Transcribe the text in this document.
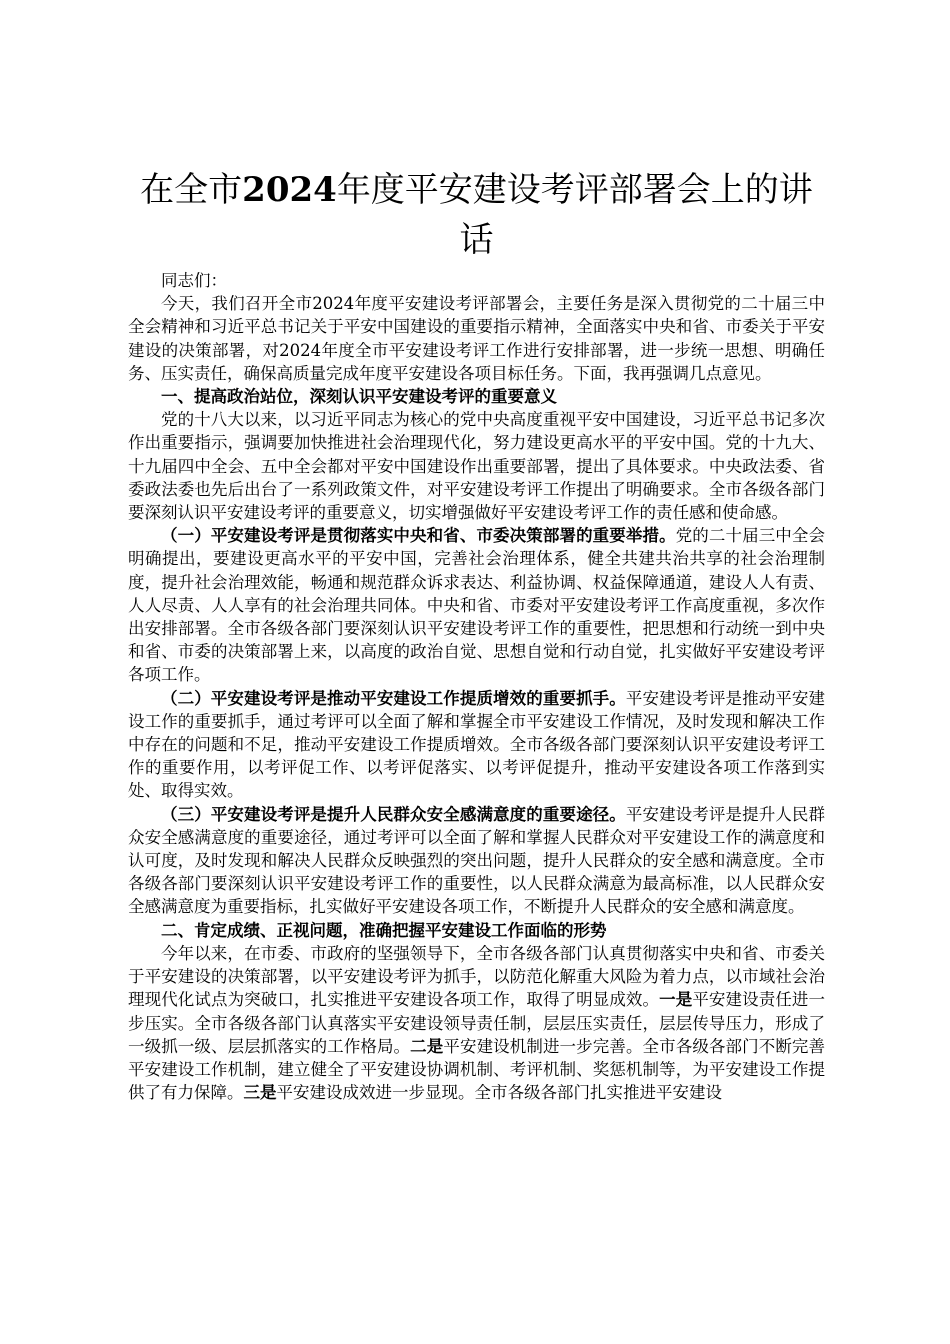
在全市2024年度平安建设考评部署会上的讲话

同志们：

今天，我们召开全市2024年度平安建设考评部署会，主要任务是深入贯彻党的二十届三中全会精神和习近平总书记关于平安中国建设的重要指示精神，全面落实中央和省、市委关于平安建设的决策部署，对2024年度全市平安建设考评工作进行安排部署，进一步统一思想、明确任务、压实责任，确保高质量完成年度平安建设各项目标任务。下面，我再强调几点意见。

一、提高政治站位，深刻认识平安建设考评的重要意义

党的十八大以来，以习近平同志为核心的党中央高度重视平安中国建设，习近平总书记多次作出重要指示，强调要加快推进社会治理现代化，努力建设更高水平的平安中国。党的十九大、十九届四中全会、五中全会都对平安中国建设作出重要部署，提出了具体要求。中央政法委、省委政法委也先后出台了一系列政策文件，对平安建设考评工作提出了明确要求。全市各级各部门要深刻认识平安建设考评的重要意义，切实增强做好平安建设考评工作的责任感和使命感。

（一）平安建设考评是贯彻落实中央和省、市委决策部署的重要举措。党的二十届三中全会明确提出，要建设更高水平的平安中国，完善社会治理体系，健全共建共治共享的社会治理制度，提升社会治理效能，畅通和规范群众诉求表达、利益协调、权益保障通道，建设人人有责、人人尽责、人人享有的社会治理共同体。中央和省、市委对平安建设考评工作高度重视，多次作出安排部署。全市各级各部门要深刻认识平安建设考评工作的重要性，把思想和行动统一到中央和省、市委的决策部署上来，以高度的政治自觉、思想自觉和行动自觉，扎实做好平安建设考评各项工作。

（二）平安建设考评是推动平安建设工作提质增效的重要抓手。平安建设考评是推动平安建设工作的重要抓手，通过考评可以全面了解和掌握全市平安建设工作情况，及时发现和解决工作中存在的问题和不足，推动平安建设工作提质增效。全市各级各部门要深刻认识平安建设考评工作的重要作用，以考评促工作、以考评促落实、以考评促提升，推动平安建设各项工作落到实处、取得实效。

（三）平安建设考评是提升人民群众安全感满意度的重要途径。平安建设考评是提升人民群众安全感满意度的重要途径，通过考评可以全面了解和掌握人民群众对平安建设工作的满意度和认可度，及时发现和解决人民群众反映强烈的突出问题，提升人民群众的安全感和满意度。全市各级各部门要深刻认识平安建设考评工作的重要性，以人民群众满意为最高标准，以人民群众安全感满意度为重要指标，扎实做好平安建设各项工作，不断提升人民群众的安全感和满意度。

二、肯定成绩、正视问题，准确把握平安建设工作面临的形势

今年以来，在市委、市政府的坚强领导下，全市各级各部门认真贯彻落实中央和省、市委关于平安建设的决策部署，以平安建设考评为抓手，以防范化解重大风险为着力点，以市域社会治理现代化试点为突破口，扎实推进平安建设各项工作，取得了明显成效。一是平安建设责任进一步压实。全市各级各部门认真落实平安建设领导责任制，层层压实责任，层层传导压力，形成了一级抓一级、层层抓落实的工作格局。二是平安建设机制进一步完善。全市各级各部门不断完善平安建设工作机制，建立健全了平安建设协调机制、考评机制、奖惩机制等，为平安建设工作提供了有力保障。三是平安建设成效进一步显现。全市各级各部门扎实推进平安建设
